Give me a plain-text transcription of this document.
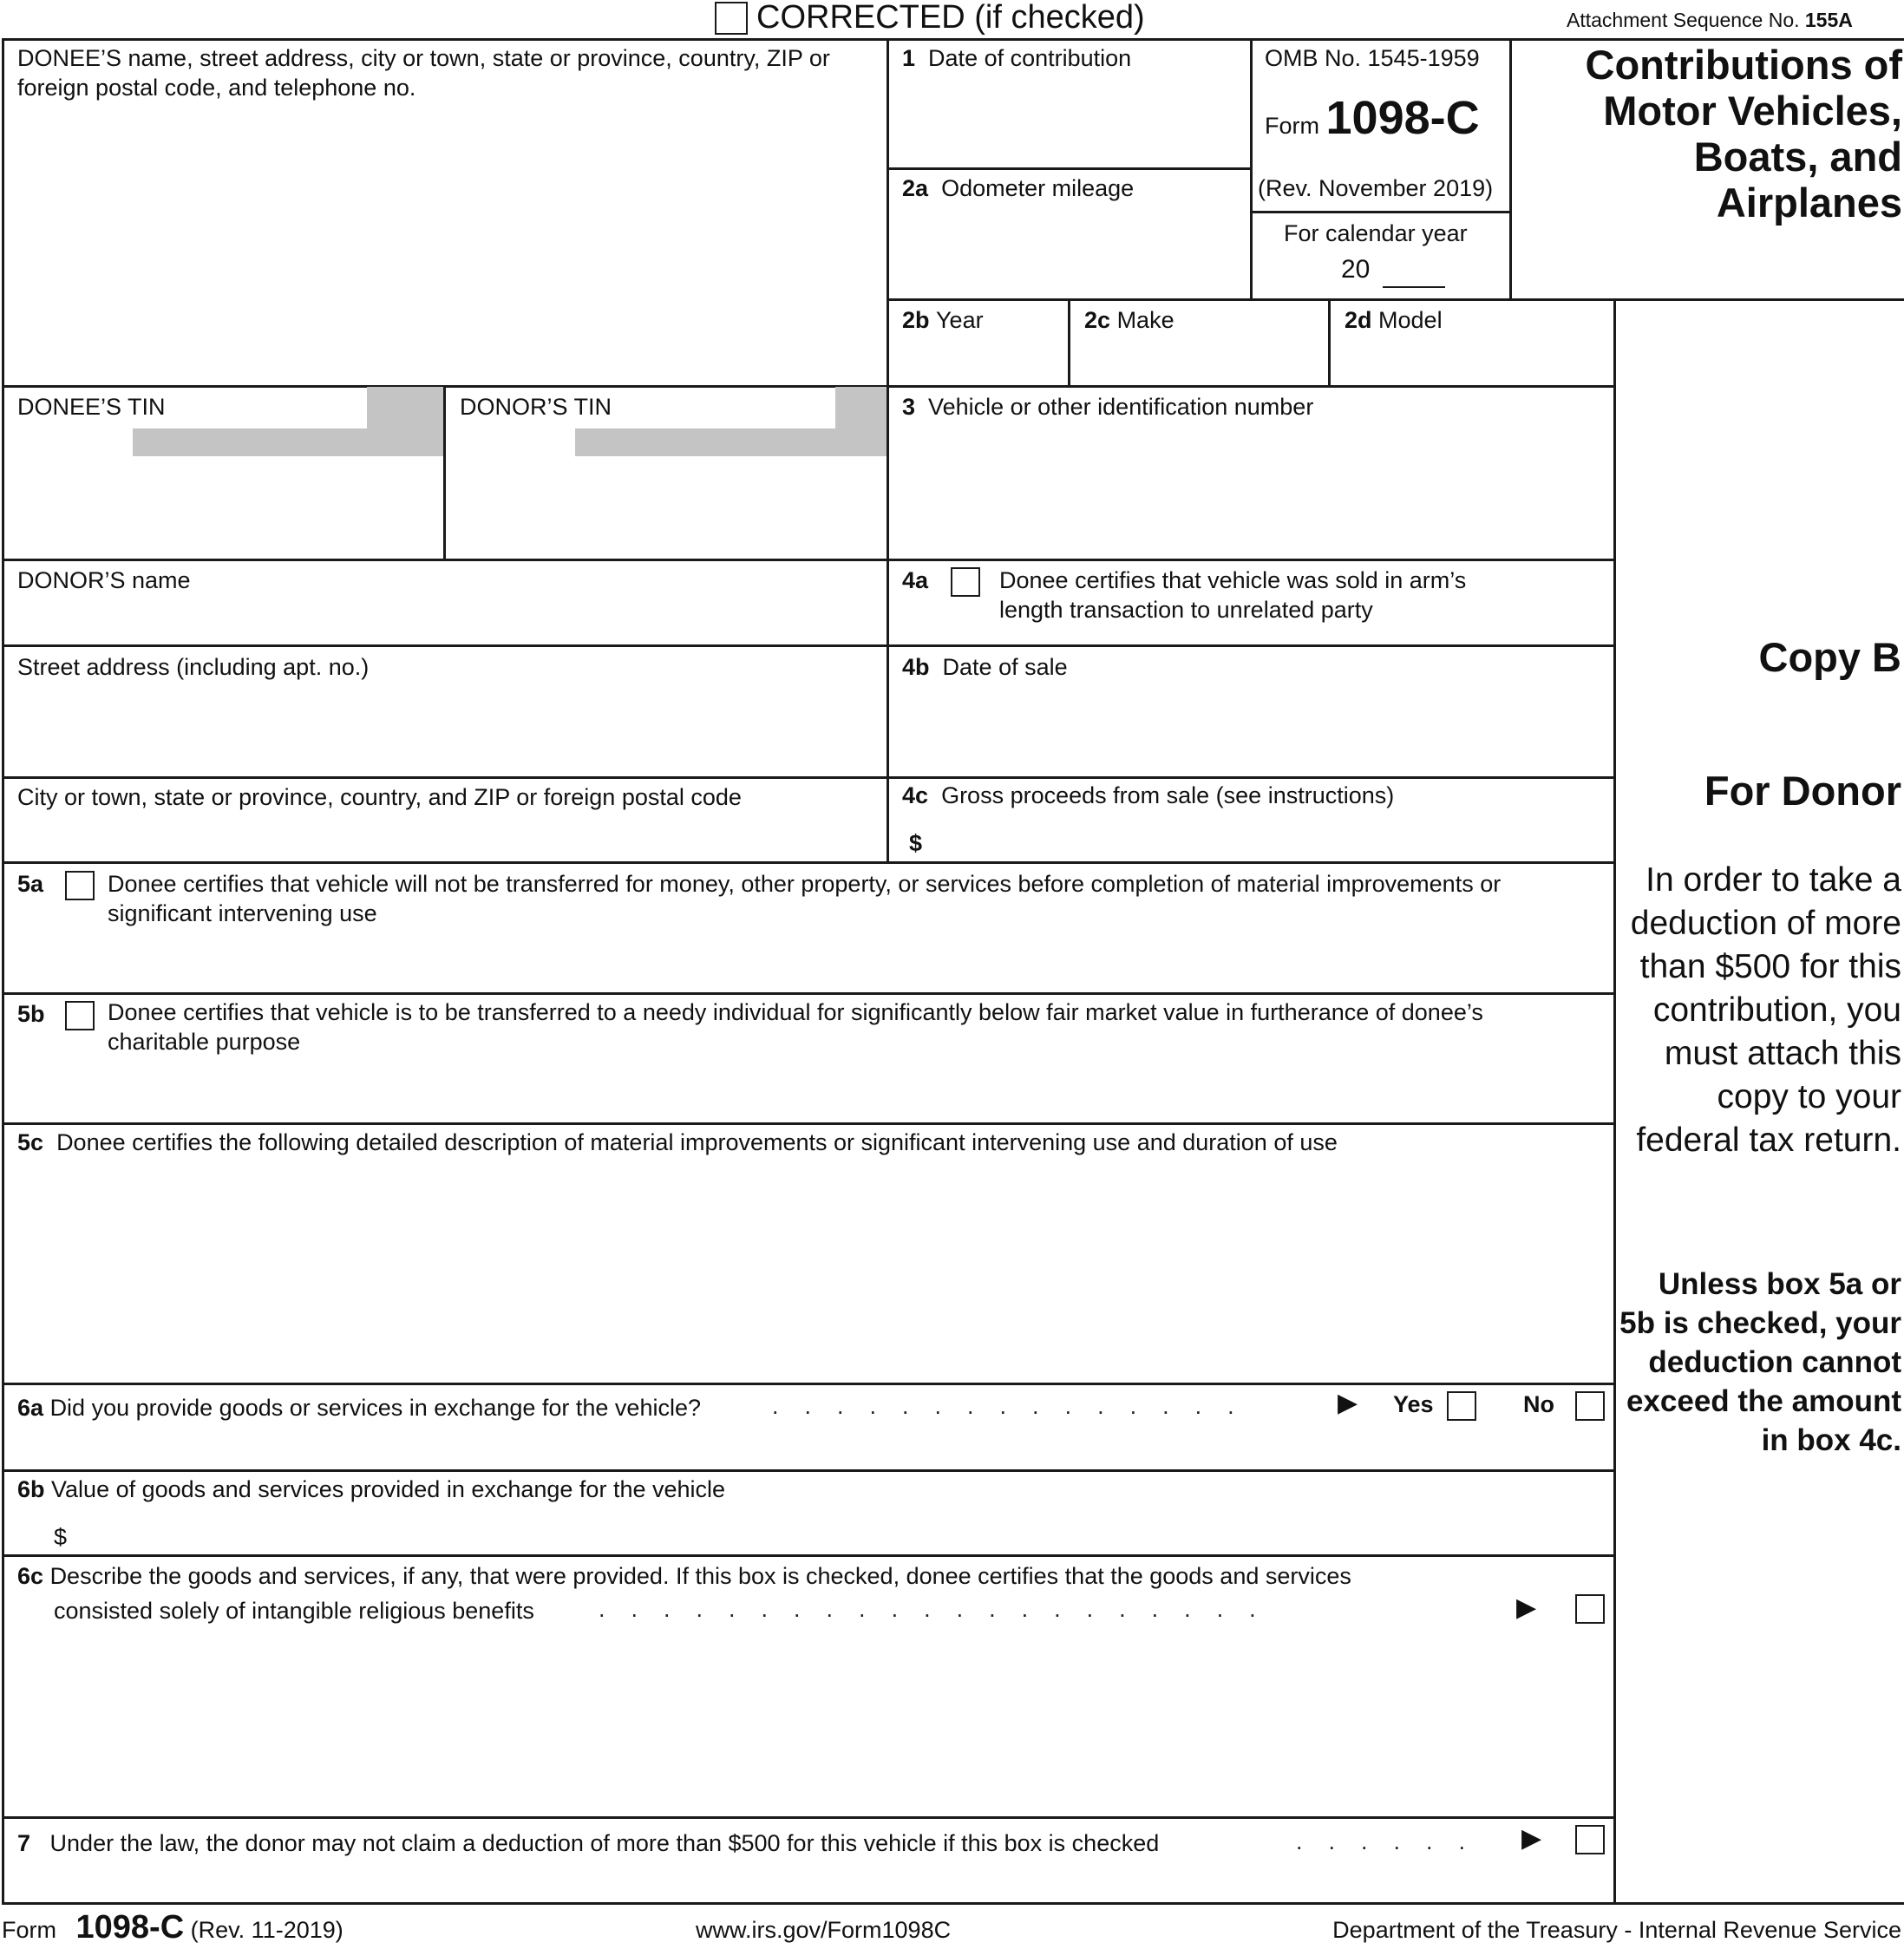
CORRECTED (if checked)	Attachment Sequence No. 155A
DONEE’S name, street address, city or town, state or province, country, ZIP or foreign postal code, and telephone no.
1 Date of contribution
2a Odometer mileage
OMB No. 1545-1959
Form 1098-C
(Rev. November 2019)
For calendar year
20
Contributions of
Motor Vehicles,
Boats, and
Airplanes
2b Year	2c Make	2d Model
DONEE’S TIN	DONOR’S TIN	3 Vehicle or other identification number
DONOR’S name	4a	Donee certifies that vehicle was sold in arm’s length transaction to unrelated party
Street address (including apt. no.)	4b Date of sale
City or town, state or province, country, and ZIP or foreign postal code	4c Gross proceeds from sale (see instructions)
$
5a	Donee certifies that vehicle will not be transferred for money, other property, or services before completion of material improvements or significant intervening use
5b	Donee certifies that vehicle is to be transferred to a needy individual for significantly below fair market value in furtherance of donee’s charitable purpose
5c Donee certifies the following detailed description of material improvements or significant intervening use and duration of use
6a Did you provide goods or services in exchange for the vehicle?	.    .    .    .    .    .    .    .    .    .    .    .    .    .    .	▶ Yes	No
6b Value of goods and services provided in exchange for the vehicle
$
6c Describe the goods and services, if any, that were provided. If this box is checked, donee certifies that the goods and services
consisted solely of intangible religious benefits	.    .    .    .    .    .    .    .    .    .    .    .    .    .    .    .    .    .    .    .    .	▶
7 Under the law, the donor may not claim a deduction of more than $500 for this vehicle if this box is checked	.    .    .    .    .    . ▶
Copy B
For Donor
In order to take a deduction of more than $500 for this contribution, you must attach this copy to your federal tax return.
Unless box 5a or 5b is checked, your deduction cannot exceed the amount in box 4c.
Form 1098-C (Rev. 11-2019)	www.irs.gov/Form1098C	Department of the Treasury - Internal Revenue Service
